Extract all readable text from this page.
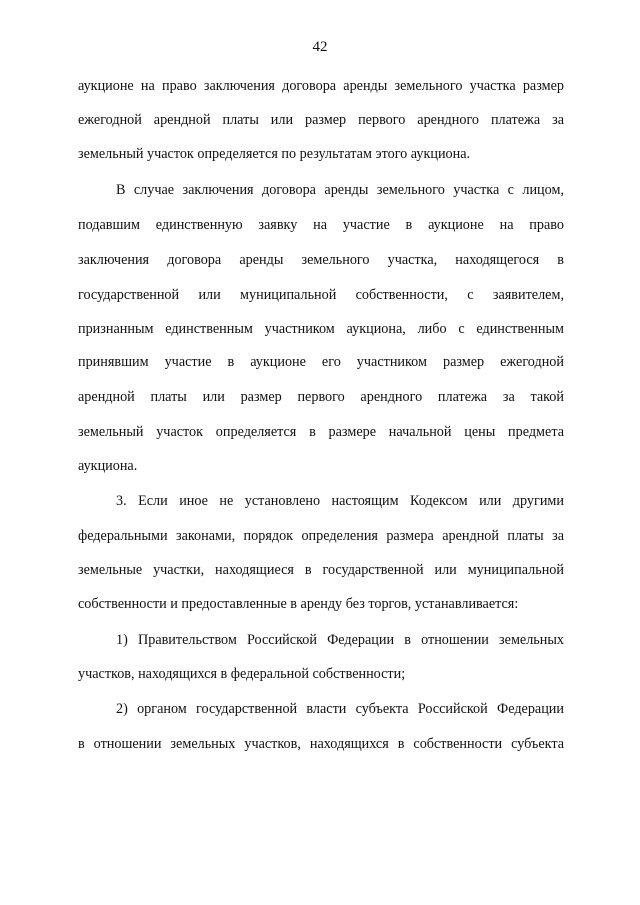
42
аукционе на право заключения договора аренды земельного участка размер
ежегодной арендной платы или размер первого арендного платежа за
земельный участок определяется по результатам этого аукциона.
В случае заключения договора аренды земельного участка с лицом,
подавшим единственную заявку на участие в аукционе на право
заключения договора аренды земельного участка, находящегося в
государственной или муниципальной собственности, с заявителем,
признанным единственным участником аукциона, либо с единственным
принявшим участие в аукционе его участником размер ежегодной
арендной платы или размер первого арендного платежа за такой
земельный участок определяется в размере начальной цены предмета
аукциона.
3. Если иное не установлено настоящим Кодексом или другими
федеральными законами, порядок определения размера арендной платы за
земельные участки, находящиеся в государственной или муниципальной
собственности и предоставленные в аренду без торгов, устанавливается:
1) Правительством Российской Федерации в отношении земельных
участков, находящихся в федеральной собственности;
2) органом государственной власти субъекта Российской Федерации
в отношении земельных участков, находящихся в собственности субъекта
